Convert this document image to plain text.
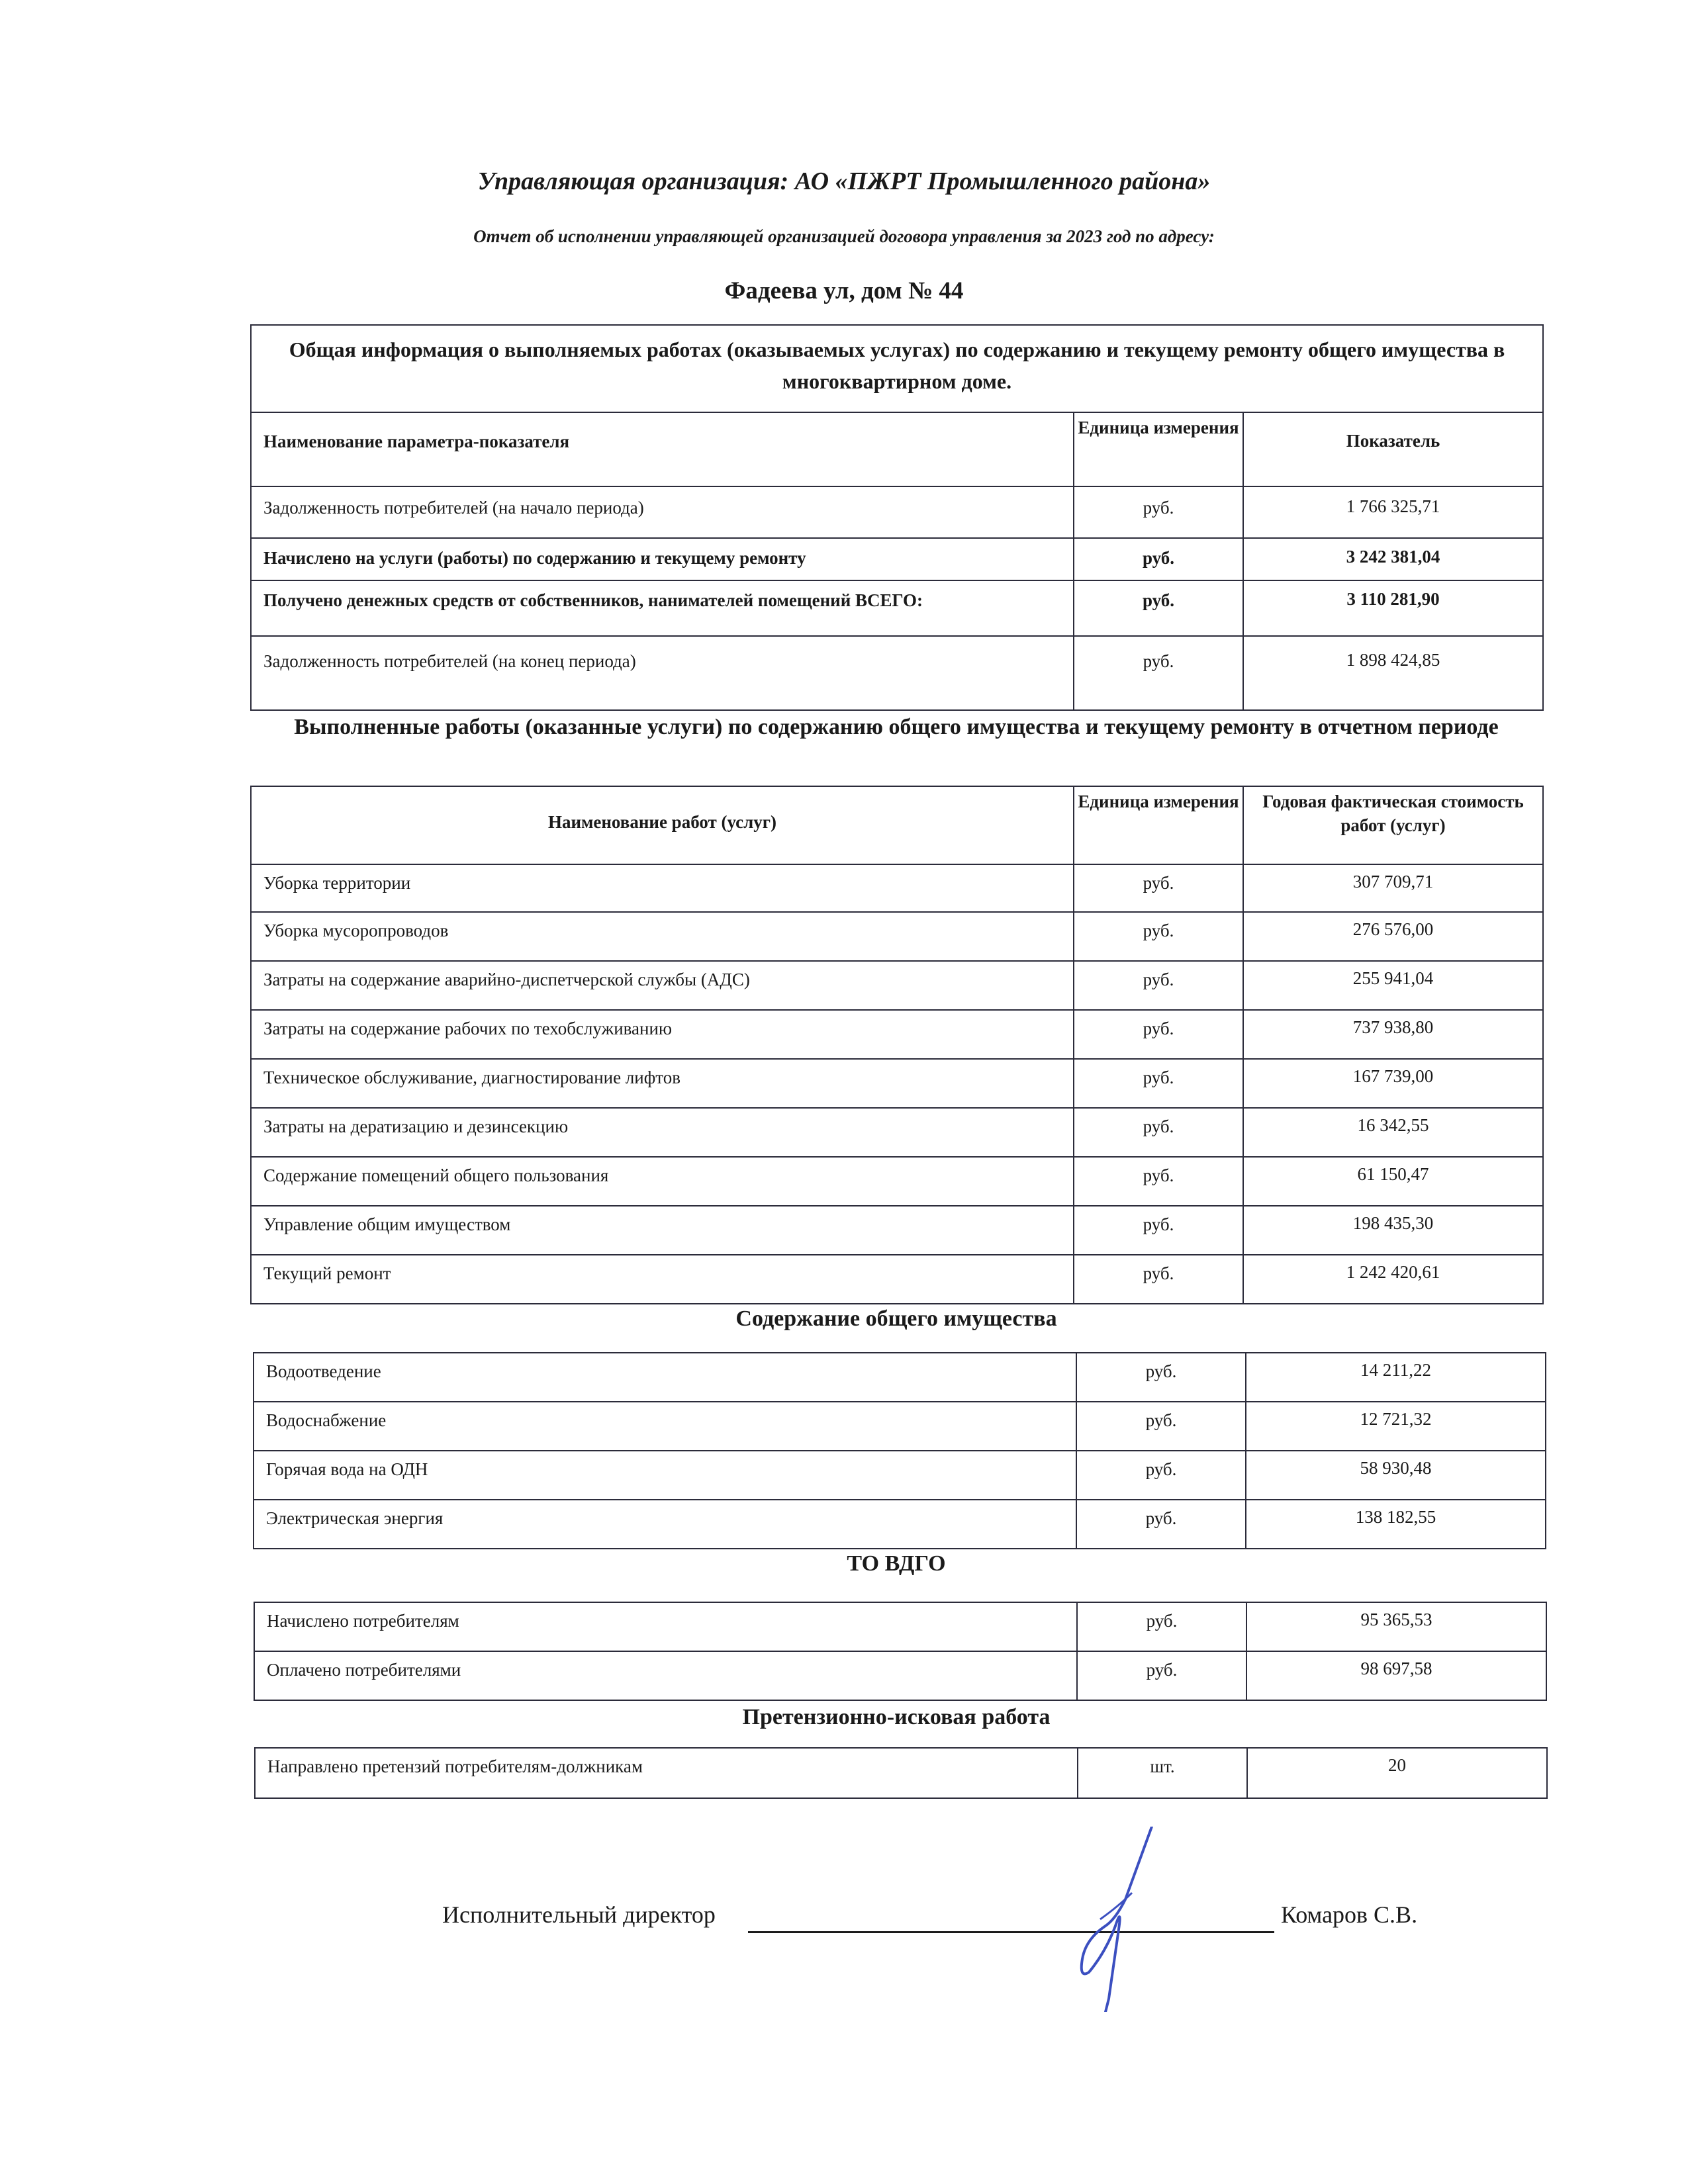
Управляющая организация: АО «ПЖРТ Промышленного района»
Отчет об исполнении управляющей организацией договора управления за 2023 год по адресу:
Фадеева ул, дом № 44
Общая информация о выполняемых работах (оказываемых услугах) по содержанию и текущему ремонту общего имущества в многоквартирном доме.		
Наименование параметра-показателя	Единица измерения	Показатель
Задолженность потребителей (на начало периода)	руб.	1 766 325,71
Начислено на услуги (работы) по содержанию и текущему ремонту	руб.	3 242 381,04
Получено денежных средств от собственников, нанимателей помещений ВСЕГО:	руб.	3 110 281,90
Задолженность потребителей (на конец периода)	руб.	1 898 424,85
Выполненные работы (оказанные услуги) по содержанию общего имущества и текущему ремонту в отчетном периоде
Наименование работ (услуг)	Единица измерения	Годовая фактическая стоимость работ (услуг)
Уборка территории	руб.	307 709,71
Уборка мусоропроводов	руб.	276 576,00
Затраты на содержание аварийно-диспетчерской службы (АДС)	руб.	255 941,04
Затраты на содержание рабочих по техобслуживанию	руб.	737 938,80
Техническое обслуживание, диагностирование лифтов	руб.	167 739,00
Затраты на дератизацию и дезинсекцию	руб.	16 342,55
Содержание помещений общего пользования	руб.	61 150,47
Управление общим имуществом	руб.	198 435,30
Текущий ремонт	руб.	1 242 420,61
Содержание общего имущества
Водоотведение	руб.	14 211,22
Водоснабжение	руб.	12 721,32
Горячая вода на ОДН	руб.	58 930,48
Электрическая энергия	руб.	138 182,55
ТО ВДГО
Начислено потребителям	руб.	95 365,53
Оплачено потребителями	руб.	98 697,58
Претензионно-исковая работа
Направлено претензий потребителям-должникам	шт.	20
Исполнительный директор	Комаров С.В.
